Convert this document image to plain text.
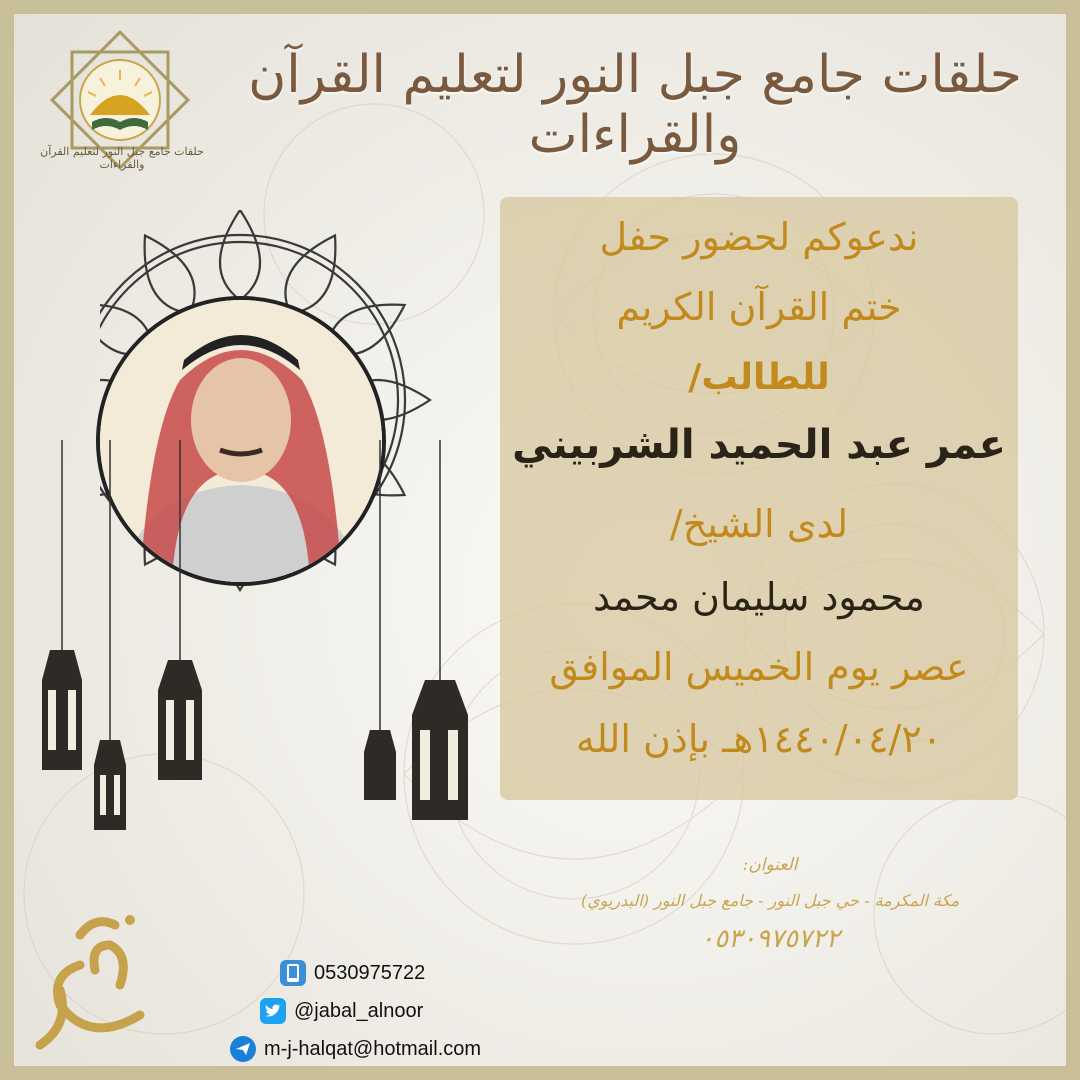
حلقات جامع جبل النور لتعليم القرآن والقراءات
حلقات جامع جبل النور لتعليم القرآن والقراءات
ندعوكم لحضور حفل
ختم القرآن الكريم
للطالب/
عمر عبد الحميد الشربيني
لدى الشيخ/
محمود سليمان محمد
عصر يوم الخميس الموافق
١٤٤٠/٠٤/٢٠هـ بإذن الله
العنوان:
مكة المكرمة - حي جبل النور - جامع جبل النور (البدريوي)
٠٥٣٠٩٧٥٧٢٢
0530975722
@jabal_alnoor
m-j-halqat@hotmail.com
